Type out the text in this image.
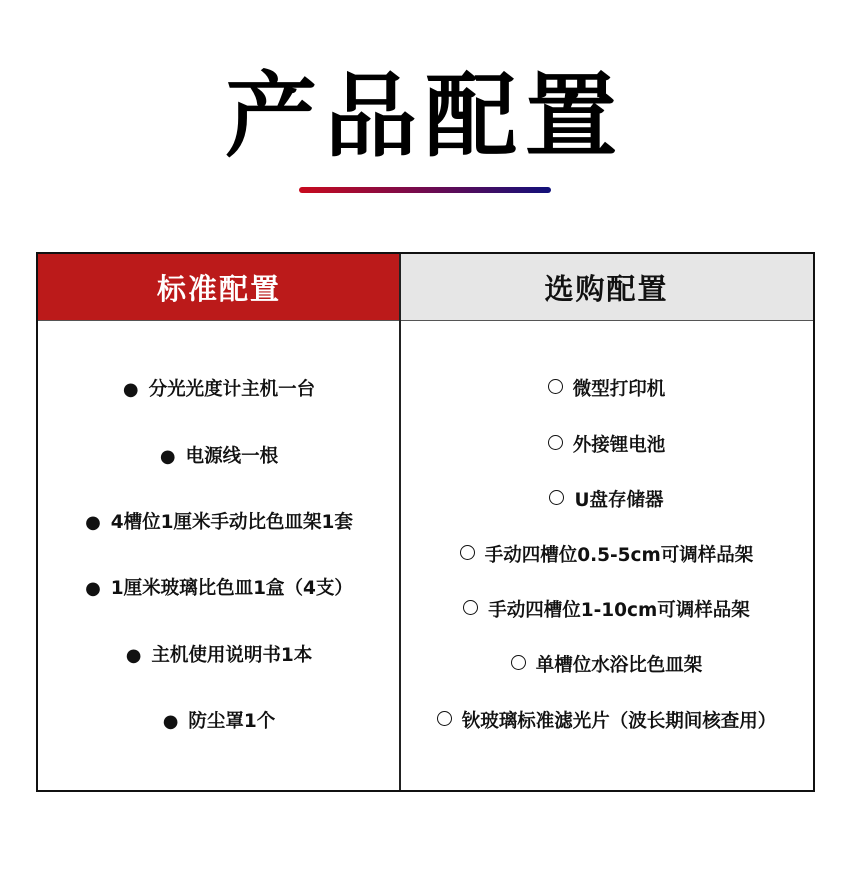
产品配置
标准配置	选购配置
● 分光光度计主机一台
● 电源线一根
● 4槽位1厘米手动比色皿架1套
● 1厘米玻璃比色皿1盒（4支）
● 主机使用说明书1本
● 防尘罩1个
微型打印机
外接锂电池
U盘存储器
手动四槽位0.5-5cm可调样品架
手动四槽位1-10cm可调样品架
单槽位水浴比色皿架
钬玻璃标准滤光片（波长期间核查用）
